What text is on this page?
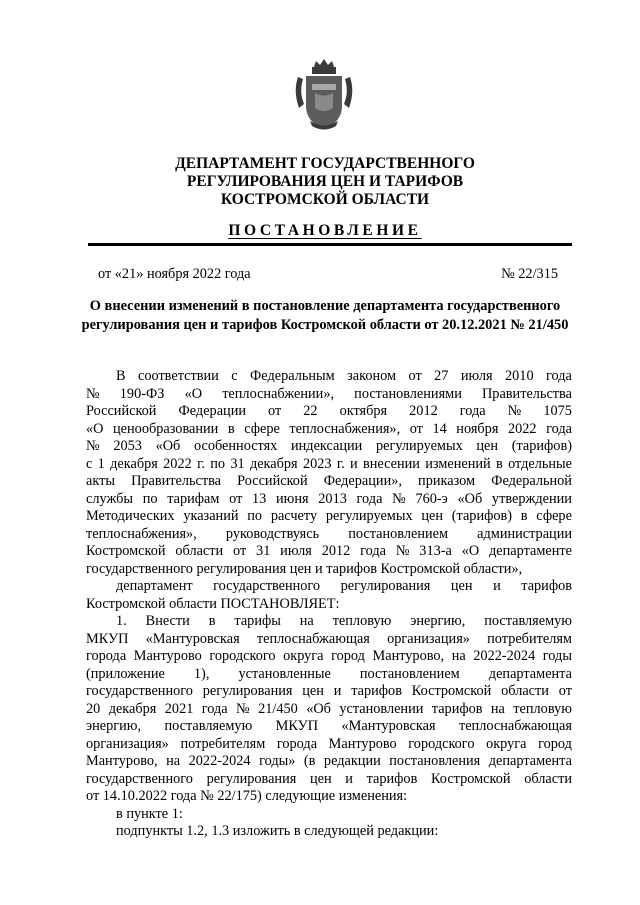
ДЕПАРТАМЕНТ ГОСУДАРСТВЕННОГО
РЕГУЛИРОВАНИЯ ЦЕН И ТАРИФОВ
КОСТРОМСКОЙ ОБЛАСТИ
ПОСТАНОВЛЕНИЕ
от «21» ноября 2022 года	№ 22/315
О внесении изменений в постановление департамента государственного
регулирования цен и тарифов Костромской области от 20.12.2021 № 21/450
В соответствии с Федеральным законом от 27 июля 2010 года
№ 190-ФЗ «О теплоснабжении», постановлениями Правительства
Российской Федерации от 22 октября 2012 года № 1075
«О ценообразовании в сфере теплоснабжения», от 14 ноября 2022 года
№ 2053 «Об особенностях индексации регулируемых цен (тарифов)
с 1 декабря 2022 г. по 31 декабря 2023 г. и внесении изменений в отдельные
акты Правительства Российской Федерации», приказом Федеральной
службы по тарифам от 13 июня 2013 года № 760-э «Об утверждении
Методических указаний по расчету регулируемых цен (тарифов) в сфере
теплоснабжения», руководствуясь постановлением администрации
Костромской области от 31 июля 2012 года № 313-а «О департаменте
государственного регулирования цен и тарифов Костромской области»,
департамент государственного регулирования цен и тарифов
Костромской области ПОСТАНОВЛЯЕТ:
1. Внести в тарифы на тепловую энергию, поставляемую
МКУП «Мантуровская теплоснабжающая организация» потребителям
города Мантурово городского округа город Мантурово, на 2022-2024 годы
(приложение 1), установленные постановлением департамента
государственного регулирования цен и тарифов Костромской области от
20 декабря 2021 года № 21/450 «Об установлении тарифов на тепловую
энергию, поставляемую МКУП «Мантуровская теплоснабжающая
организация» потребителям города Мантурово городского округа город
Мантурово, на 2022-2024 годы» (в редакции постановления департамента
государственного регулирования цен и тарифов Костромской области
от 14.10.2022 года № 22/175) следующие изменения:
в пункте 1:
подпункты 1.2, 1.3 изложить в следующей редакции:
